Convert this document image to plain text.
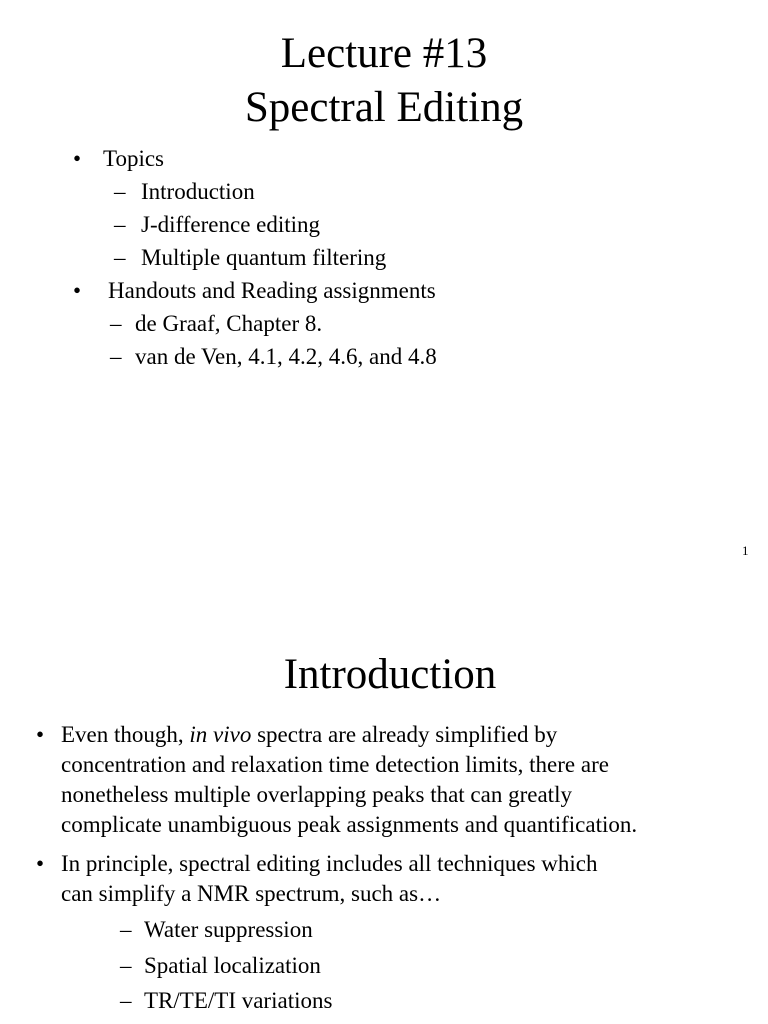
Lecture #13
Spectral Editing
• Topics
– Introduction
– J-difference editing
– Multiple quantum filtering
• Handouts and Reading assignments
– de Graaf, Chapter 8.
– van de Ven, 4.1, 4.2, 4.6, and 4.8
1
Introduction
• Even though, in vivo spectra are already simplified by
concentration and relaxation time detection limits, there are
nonetheless multiple overlapping peaks that can greatly
complicate unambiguous peak assignments and quantification.
• In principle, spectral editing includes all techniques which
can simplify a NMR spectrum, such as…
– Water suppression
– Spatial localization
– TR/TE/TI variations
